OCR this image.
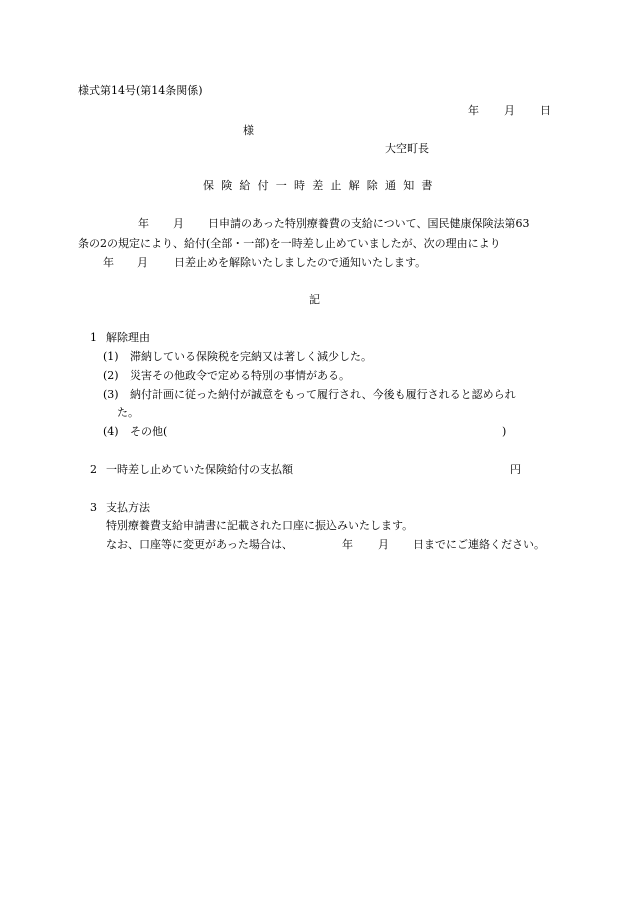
様式第14号(第14条関係)
年 月 日
様
大空町長
保険給付一時差止解除通知書
年 月 日申請のあった特別療養費の支給について、国民健康保険法第63
条の2の規定により、給付(全部・一部)を一時差し止めていましたが、次の理由により
年 月 日差止めを解除いたしましたので通知いたします。
記
1 解除理由
(1) 滞納している保険税を完納又は著しく減少した。
(2) 災害その他政令で定める特別の事情がある。
(3) 納付計画に従った納付が誠意をもって履行され、今後も履行されると認められ
た。
(4) その他(	)
2 一時差し止めていた保険給付の支払額	円
3 支払方法
特別療養費支給申請書に記載された口座に振込みいたします。
なお、口座等に変更があった場合は、	年 月 日までにご連絡ください。
